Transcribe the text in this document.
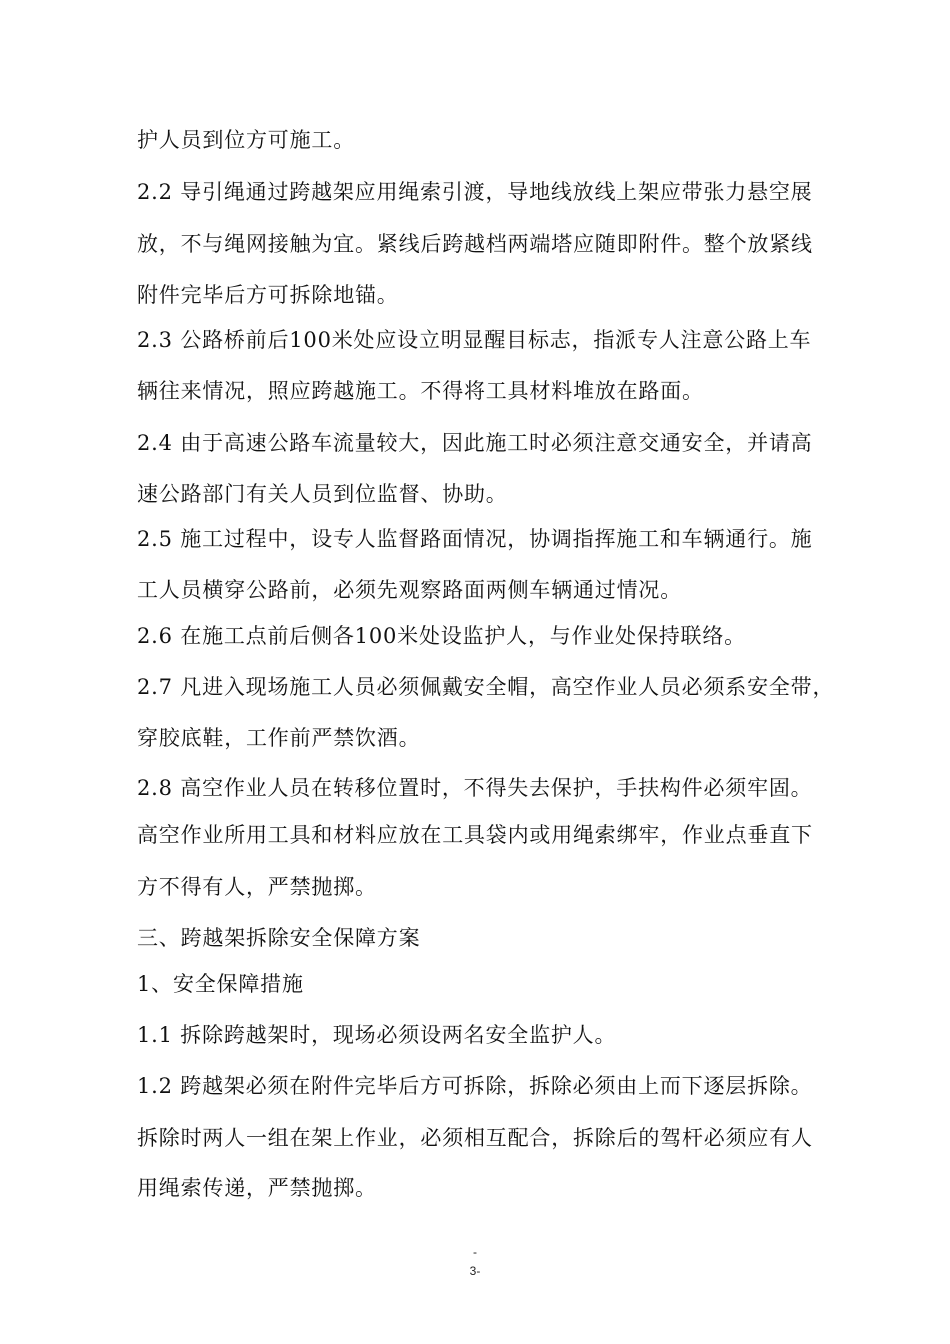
护人员到位方可施工。
2.2 导引绳通过跨越架应用绳索引渡，导地线放线上架应带张力悬空展
放，不与绳网接触为宜。紧线后跨越档两端塔应随即附件。整个放紧线
附件完毕后方可拆除地锚。
2.3 公路桥前后100米处应设立明显醒目标志，指派专人注意公路上车
辆往来情况，照应跨越施工。不得将工具材料堆放在路面。
2.4 由于高速公路车流量较大，因此施工时必须注意交通安全，并请高
速公路部门有关人员到位监督、协助。
2.5 施工过程中，设专人监督路面情况，协调指挥施工和车辆通行。施
工人员横穿公路前，必须先观察路面两侧车辆通过情况。
2.6 在施工点前后侧各100米处设监护人，与作业处保持联络。
2.7 凡进入现场施工人员必须佩戴安全帽，高空作业人员必须系安全带，
穿胶底鞋，工作前严禁饮酒。
2.8 高空作业人员在转移位置时，不得失去保护，手扶构件必须牢固。
高空作业所用工具和材料应放在工具袋内或用绳索绑牢，作业点垂直下
方不得有人，严禁抛掷。
三、跨越架拆除安全保障方案
1、安全保障措施
1.1 拆除跨越架时，现场必须设两名安全监护人。
1.2 跨越架必须在附件完毕后方可拆除，拆除必须由上而下逐层拆除。
拆除时两人一组在架上作业，必须相互配合，拆除后的驾杆必须应有人
用绳索传递，严禁抛掷。
-
3-
